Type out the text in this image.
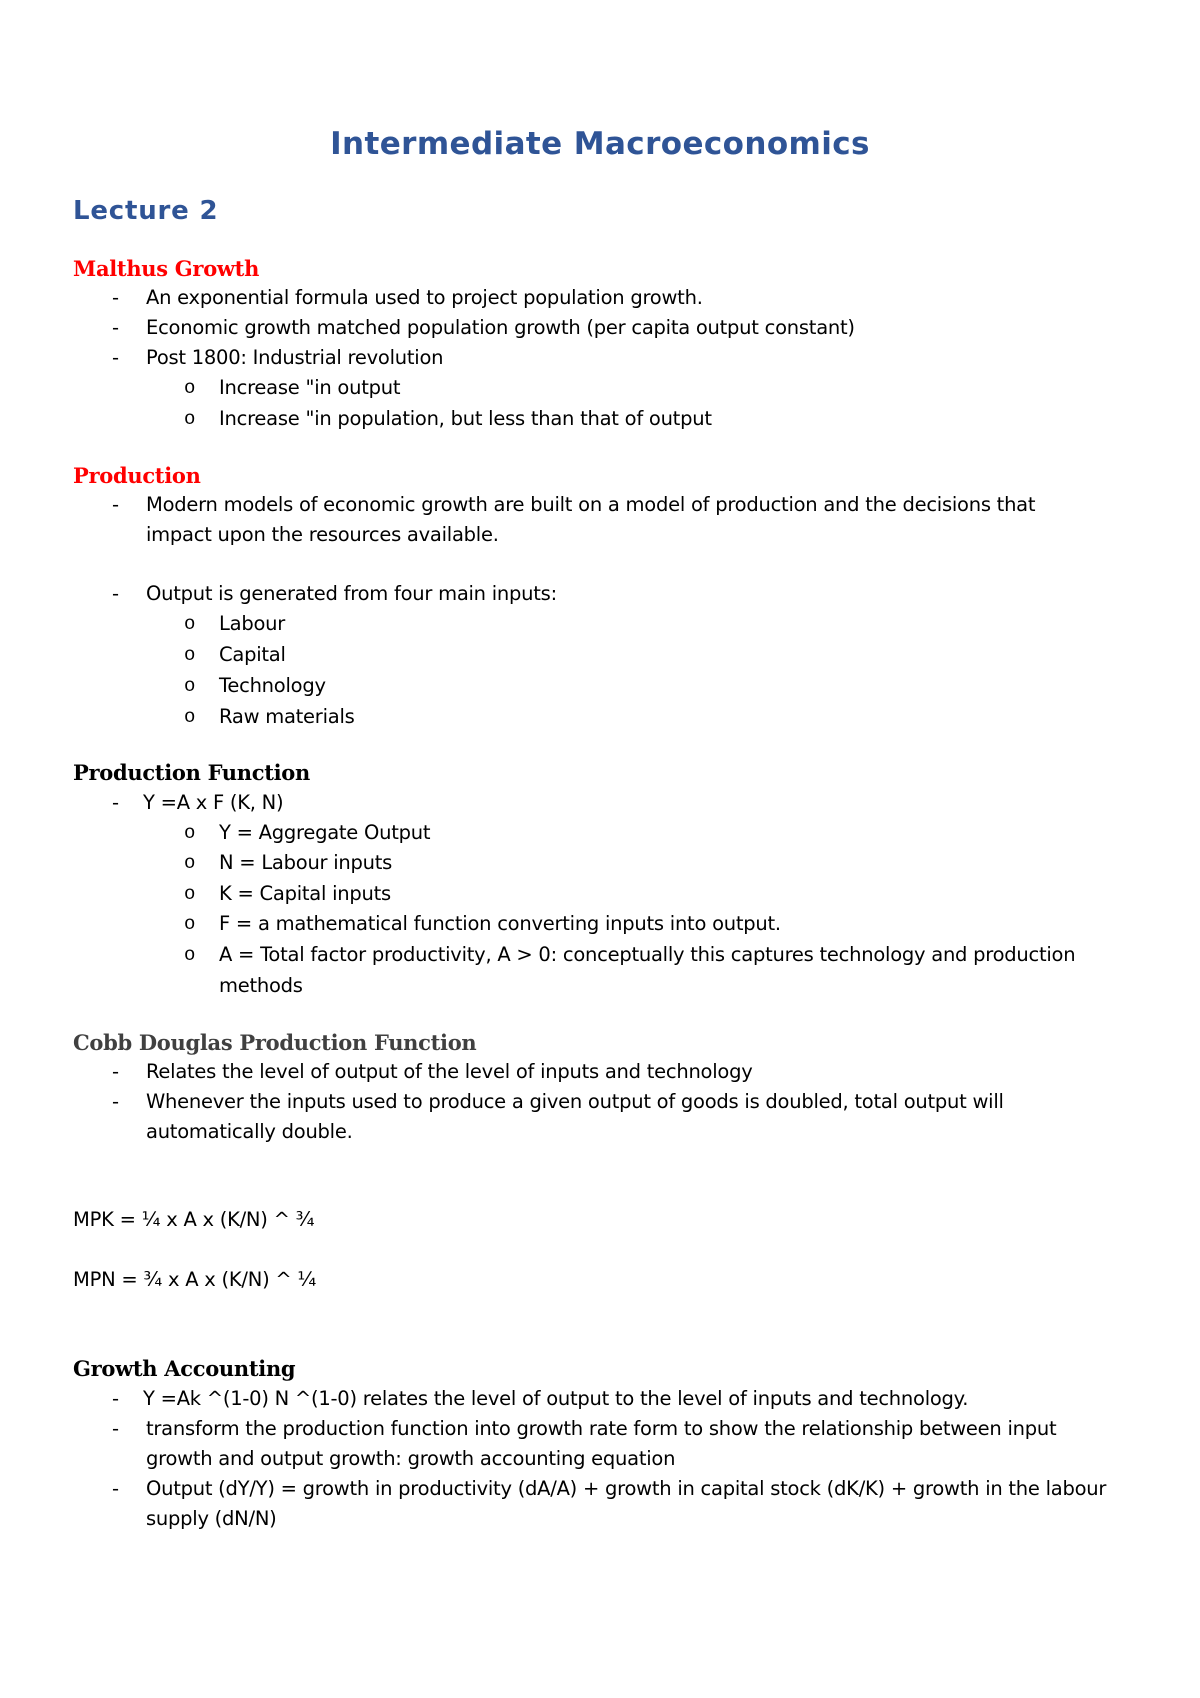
Intermediate Macroeconomics
Lecture 2
Malthus Growth
- An exponential formula used to project population growth.

- Economic growth matched population growth (per capita output constant)

- Post 1800: Industrial revolution

o Increase "in output

o Increase "in population, but less than that of output

Production
- Modern models of economic growth are built on a model of production and the decisions that

impact upon the resources available.

- Output is generated from four main inputs:

o Labour

o Capital

o Technology

o Raw materials

Production Function
- Y =A x F (K, N)

o Y = Aggregate Output

o N = Labour inputs

o K = Capital inputs

o F = a mathematical function converting inputs into output.

o A = Total factor productivity, A > 0: conceptually this captures technology and production

methods

Cobb Douglas Production Function
- Relates the level of output of the level of inputs and technology

- Whenever the inputs used to produce a given output of goods is doubled, total output will

automatically double.

MPK = ¼ x A x (K/N) ^ ¾

MPN = ¾ x A x (K/N) ^ ¼

Growth Accounting
- Y =Ak ^(1-0) N ^(1-0) relates the level of output to the level of inputs and technology.

- transform the production function into growth rate form to show the relationship between input

growth and output growth: growth accounting equation

- Output (dY/Y) = growth in productivity (dA/A) + growth in capital stock (dK/K) + growth in the labour

supply (dN/N)
